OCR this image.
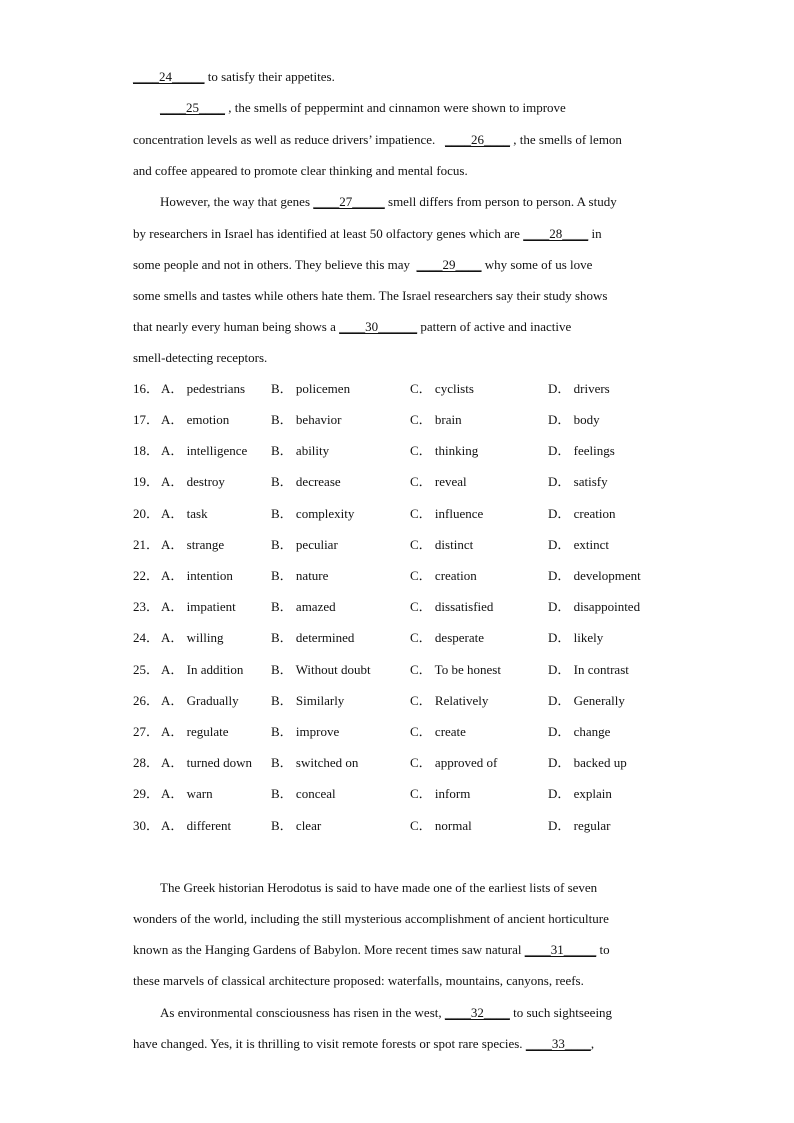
____24_____ to satisfy their appetites.
____25____ , the smells of peppermint and cinnamon were shown to improve
concentration levels as well as reduce drivers’ impatience.   ____26____ , the smells of lemon
and coffee appeared to promote clear thinking and mental focus.
However, the way that genes ____27_____ smell differs from person to person. A study
by researchers in Israel has identified at least 50 olfactory genes which are ____28____ in
some people and not in others. They believe this may  ____29____ why some of us love
some smells and tastes while others hate them. The Israel researchers say their study shows
that nearly every human being shows a ____30______ pattern of active and inactive
smell-detecting receptors.
16． A． pedestrians B． policemen	C． cyclists	D． drivers
17． A． emotion	B． behavior	C． brain	D． body
18． A． intelligence B． ability	C． thinking	D． feelings
19． A． destroy	B． decrease	C． reveal	D． satisfy
20． A． task	B． complexity	C． influence	D． creation
21． A． strange	B． peculiar	C． distinct	D． extinct
22． A． intention	B． nature	C． creation	D． development
23． A． impatient	B． amazed	C． dissatisfied	D． disappointed
24． A． willing	B． determined	C． desperate	D． likely
25． A． In addition B． Without doubt	C． To be honest	D． In contrast
26． A． Gradually B． Similarly	C． Relatively	D． Generally
27． A． regulate	B． improve	C． create	D． change
28． A． turned down B． switched on	C． approved of	D． backed up
29． A． warn	B． conceal	C． inform	D． explain
30． A． different	B． clear	C． normal	D． regular
The Greek historian Herodotus is said to have made one of the earliest lists of seven
wonders of the world, including the still mysterious accomplishment of ancient horticulture
known as the Hanging Gardens of Babylon. More recent times saw natural ____31_____ to
these marvels of classical architecture proposed: waterfalls, mountains, canyons, reefs.
As environmental consciousness has risen in the west, ____32____ to such sightseeing
have changed. Yes, it is thrilling to visit remote forests or spot rare species. ____33____,
